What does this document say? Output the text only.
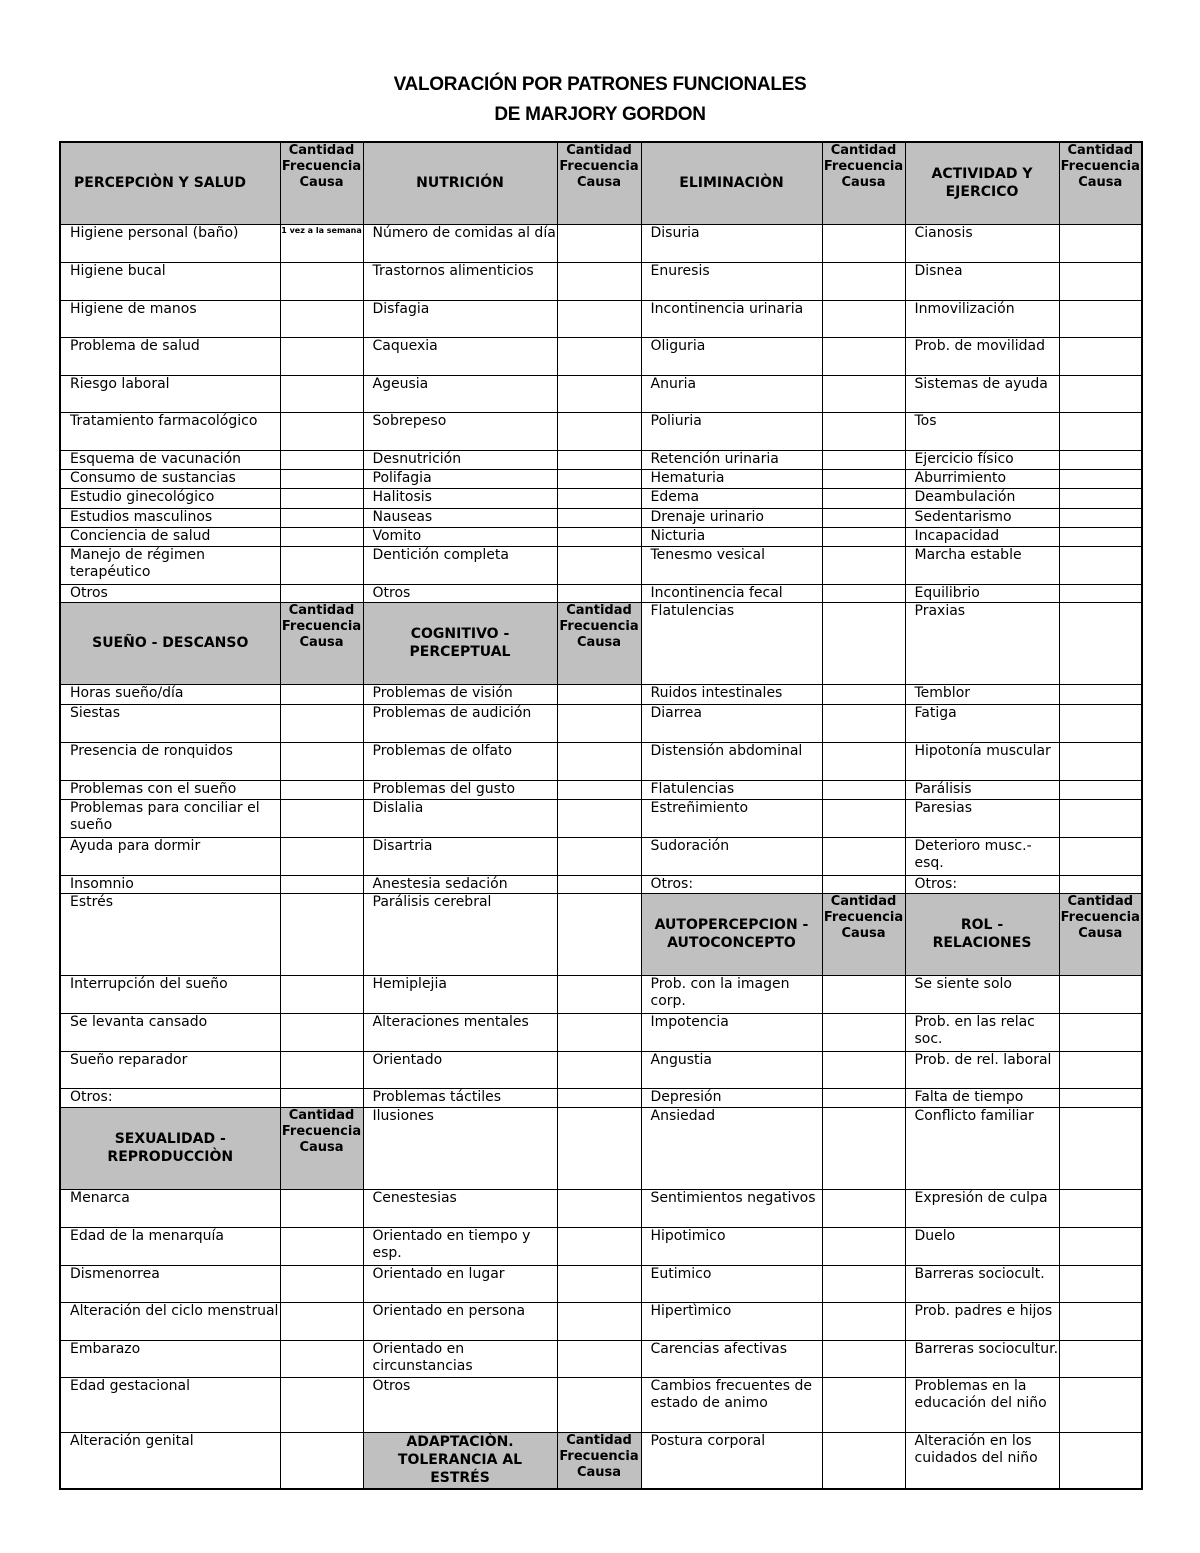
VALORACIÓN POR PATRONES FUNCIONALES
DE MARJORY GORDON
PERCEPCIÒN Y SALUD	Cantidad Frecuencia Causa	NUTRICIÓN	Cantidad Frecuencia Causa	ELIMINACIÒN	Cantidad Frecuencia Causa	ACTIVIDAD Y EJERCICO	Cantidad Frecuencia Causa
Higiene personal (baño)	1 vez a la semana	Número de comidas al día		Disuria		Cianosis	
Higiene bucal		Trastornos alimenticios		Enuresis		Disnea	
Higiene de manos		Disfagia		Incontinencia urinaria		Inmovilización	
Problema de salud		Caquexia		Oliguria		Prob. de movilidad	
Riesgo laboral		Ageusia		Anuria		Sistemas de ayuda	
Tratamiento farmacológico		Sobrepeso		Poliuria		Tos	
Esquema de vacunación		Desnutrición		Retención urinaria		Ejercicio físico	
Consumo de sustancias		Polifagia		Hematuria		Aburrimiento	
Estudio ginecológico		Halitosis		Edema		Deambulación	
Estudios masculinos		Nauseas		Drenaje urinario		Sedentarismo	
Conciencia de salud		Vomito		Nicturia		Incapacidad	
Manejo de régimen terapéutico		Dentición completa		Tenesmo vesical		Marcha estable	
Otros		Otros		Incontinencia fecal		Equilibrio	
SUEÑO - DESCANSO	Cantidad Frecuencia Causa	COGNITIVO - PERCEPTUAL	Cantidad Frecuencia Causa	Flatulencias		Praxias	
Horas sueño/día		Problemas de visión		Ruidos intestinales		Temblor	
Siestas		Problemas de audición		Diarrea		Fatiga	
Presencia de ronquidos		Problemas de olfato		Distensión abdominal		Hipotonía muscular	
Problemas con el sueño		Problemas del gusto		Flatulencias		Parálisis	
Problemas para conciliar el sueño		Dislalia		Estreñimiento		Paresias	
Ayuda para dormir		Disartria		Sudoración		Deterioro musc.-esq.	
Insomnio		Anestesia sedación		Otros:		Otros:	
Estrés		Parálisis cerebral		AUTOPERCEPCION - AUTOCONCEPTO	Cantidad Frecuencia Causa	ROL - RELACIONES	Cantidad Frecuencia Causa
Interrupción del sueño		Hemiplejia		Prob. con la imagen corp.		Se siente solo	
Se levanta cansado		Alteraciones mentales		Impotencia		Prob. en las relac soc.	
Sueño reparador		Orientado		Angustia		Prob. de rel. laboral	
Otros:		Problemas táctiles		Depresión		Falta de tiempo	
SEXUALIDAD - REPRODUCCIÒN	Cantidad Frecuencia Causa	Ilusiones		Ansiedad		Conflicto familiar	
Menarca		Cenestesias		Sentimientos negativos		Expresión de culpa	
Edad de la menarquía		Orientado en tiempo y esp.		Hipotimico		Duelo	
Dismenorrea		Orientado en lugar		Eutimico		Barreras sociocult.	
Alteración del ciclo menstrual		Orientado en persona		Hipertìmico		Prob. padres e hijos	
Embarazo		Orientado en circunstancias		Carencias afectivas		Barreras sociocultur.	
Edad gestacional		Otros		Cambios frecuentes de estado de animo		Problemas en la educación del niño	
Alteración genital		ADAPTACIÒN. TOLERANCIA AL ESTRÉS	Cantidad Frecuencia Causa	Postura corporal		Alteración en los cuidados del niño	
